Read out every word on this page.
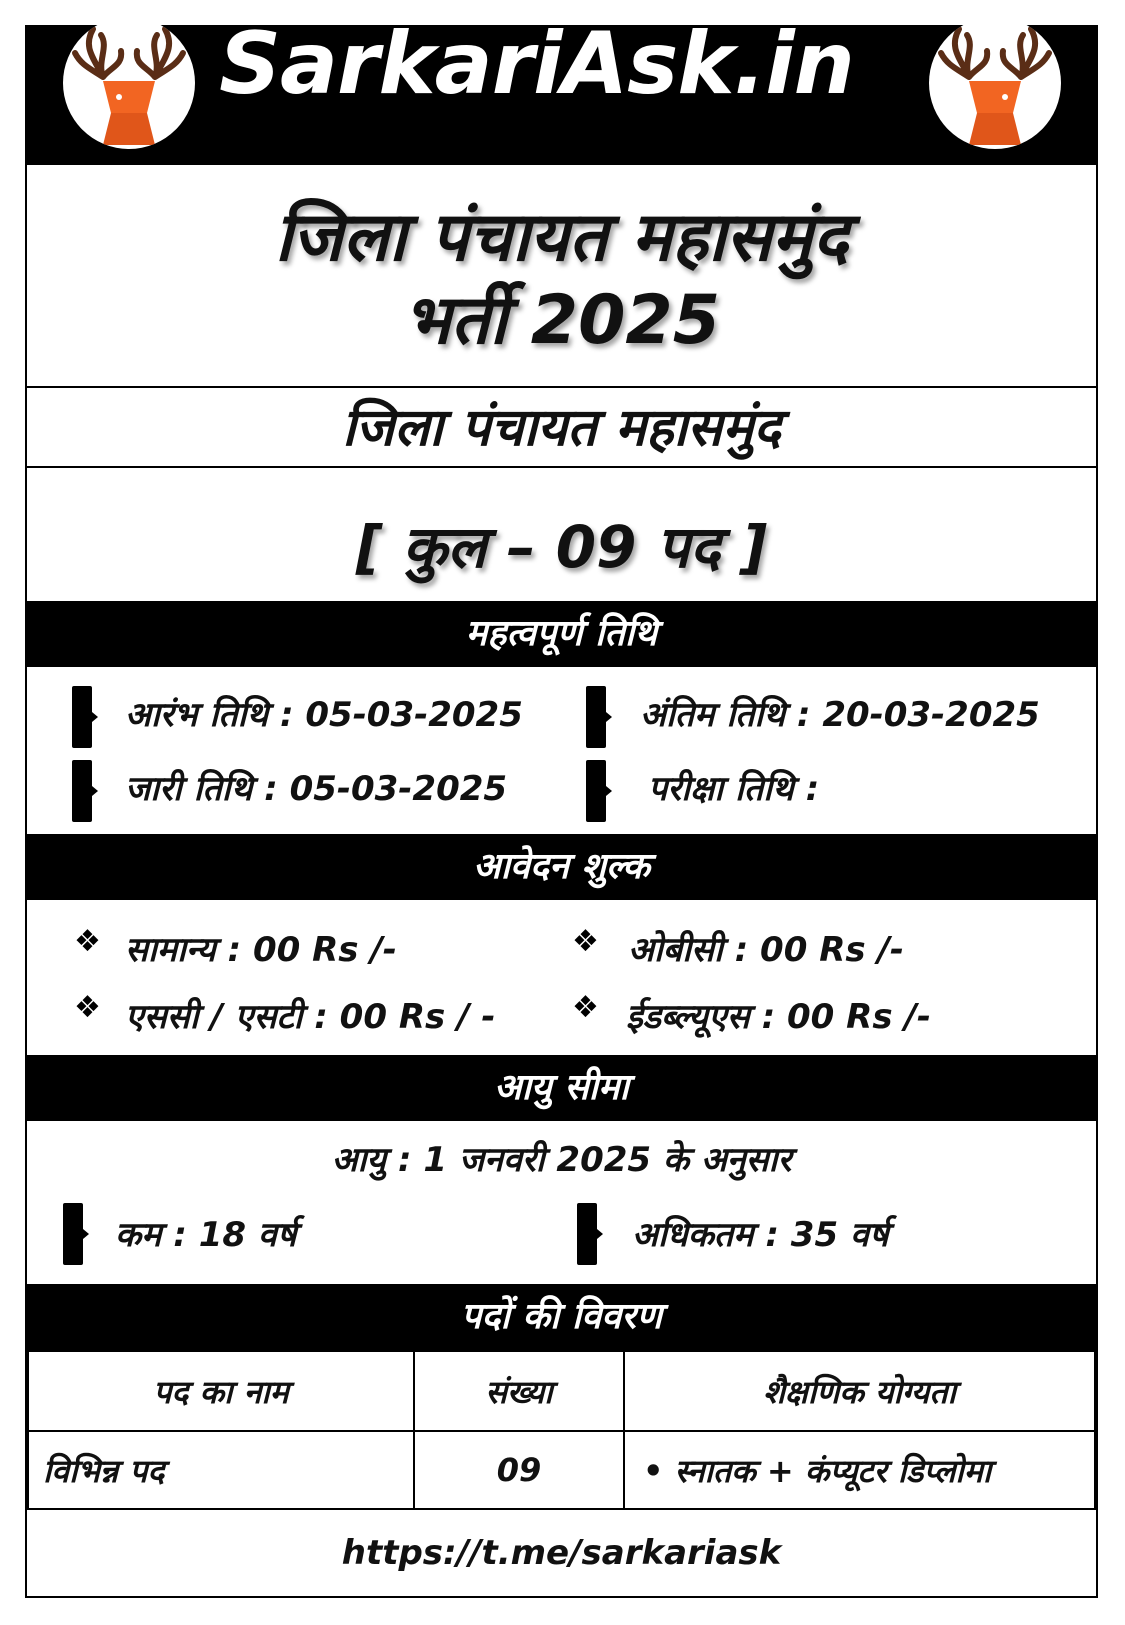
SarkariAsk.in
जिला पंचायत महासमुंद
भर्ती 2025
जिला पंचायत महासमुंद
[ कुल – 09 पद ]
महत्वपूर्ण तिथि
आरंभ तिथि : 05-03-2025	अंतिम तिथि : 20-03-2025
जारी तिथि : 05-03-2025	परीक्षा तिथि :
आवेदन शुल्क
❖ सामान्य : 00 Rs /-	❖ ओबीसी : 00 Rs /-
❖ एससी / एसटी : 00 Rs / -	❖ ईडब्ल्यूएस : 00 Rs /-
आयु सीमा
आयु : 1 जनवरी 2025 के अनुसार
कम : 18 वर्ष	अधिकतम : 35 वर्ष
पदों की विवरण
पद का नाम	संख्या	शैक्षणिक योग्यता
विभिन्न पद	09	• स्नातक + कंप्यूटर डिप्लोमा
https://t.me/sarkariask
